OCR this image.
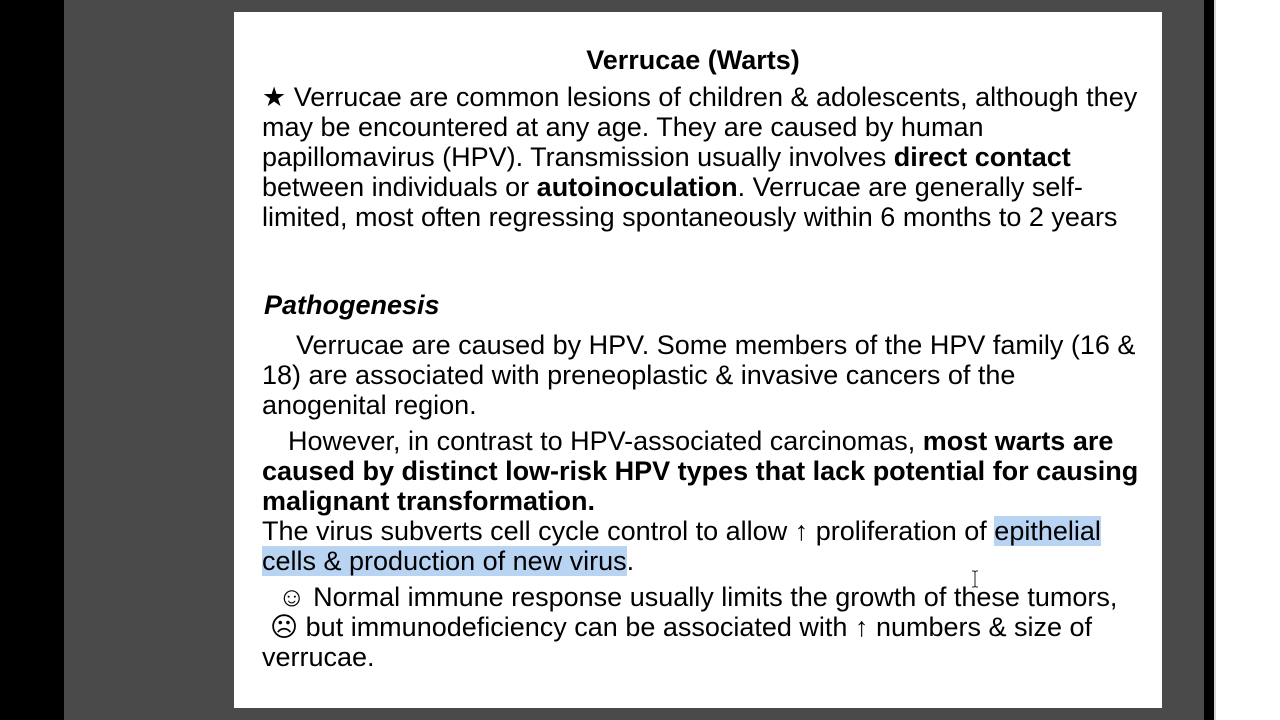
Verrucae (Warts)

★ Verrucae are common lesions of children & adolescents, although they may be encountered at any age. They are caused by human papillomavirus (HPV). Transmission usually involves direct contact between individuals or autoinoculation. Verrucae are generally self-limited, most often regressing spontaneously within 6 months to 2 years

Pathogenesis

Verrucae are caused by HPV. Some members of the HPV family (16 & 18) are associated with preneoplastic & invasive cancers of the anogenital region.

However, in contrast to HPV-associated carcinomas, most warts are caused by distinct low-risk HPV types that lack potential for causing malignant transformation.

The virus subverts cell cycle control to allow ↑ proliferation of epithelial cells & production of new virus.

☺ Normal immune response usually limits the growth of these tumors, ☹ but immunodeficiency can be associated with ↑ numbers & size of verrucae.
